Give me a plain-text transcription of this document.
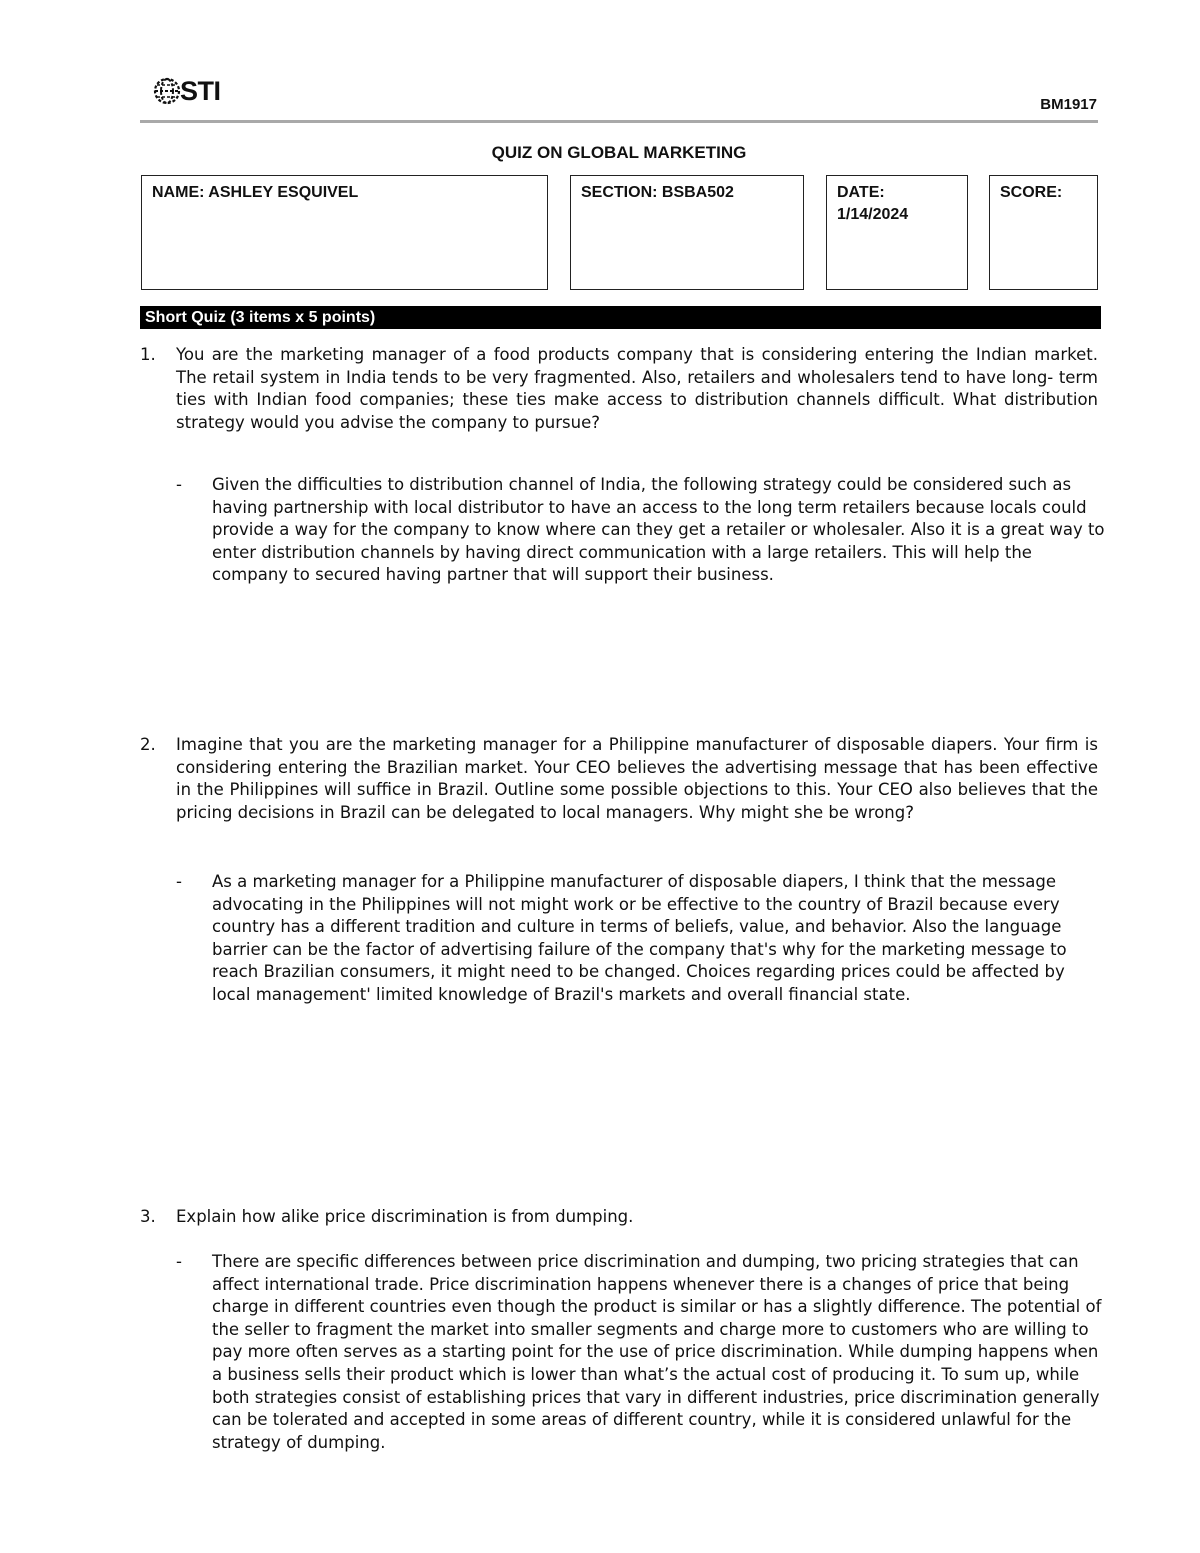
STI	BM1917
QUIZ ON GLOBAL MARKETING
NAME: ASHLEY ESQUIVEL	SECTION: BSBA502	DATE:
1/14/2024
SCORE:
Short Quiz (3 items x 5 points)
1. You are the marketing manager of a food products company that is considering entering the Indian market. The retail system in India tends to be very fragmented. Also, retailers and wholesalers tend to have long- term ties with Indian food companies; these ties make access to distribution channels difficult. What distribution strategy would you advise the company to pursue?
- Given the difficulties to distribution channel of India, the following strategy could be considered such as having partnership with local distributor to have an access to the long term retailers because locals could provide a way for the company to know where can they get a retailer or wholesaler. Also it is a great way to enter distribution channels by having direct communication with a large retailers. This will help the company to secured having partner that will support their business.
2. Imagine that you are the marketing manager for a Philippine manufacturer of disposable diapers. Your firm is considering entering the Brazilian market. Your CEO believes the advertising message that has been effective in the Philippines will suffice in Brazil. Outline some possible objections to this. Your CEO also believes that the pricing decisions in Brazil can be delegated to local managers. Why might she be wrong?
- As a marketing manager for a Philippine manufacturer of disposable diapers, I think that the message advocating in the Philippines will not might work or be effective to the country of Brazil because every country has a different tradition and culture in terms of beliefs, value, and behavior. Also the language barrier can be the factor of advertising failure of the company that's why for the marketing message to reach Brazilian consumers, it might need to be changed. Choices regarding prices could be affected by local management' limited knowledge of Brazil's markets and overall financial state.
3. Explain how alike price discrimination is from dumping.
- There are specific differences between price discrimination and dumping, two pricing strategies that can affect international trade. Price discrimination happens whenever there is a changes of price that being charge in different countries even though the product is similar or has a slightly difference. The potential of the seller to fragment the market into smaller segments and charge more to customers who are willing to pay more often serves as a starting point for the use of price discrimination. While dumping happens when a business sells their product which is lower than what’s the actual cost of producing it. To sum up, while both strategies consist of establishing prices that vary in different industries, price discrimination generally can be tolerated and accepted in some areas of different country, while it is considered unlawful for the strategy of dumping.
